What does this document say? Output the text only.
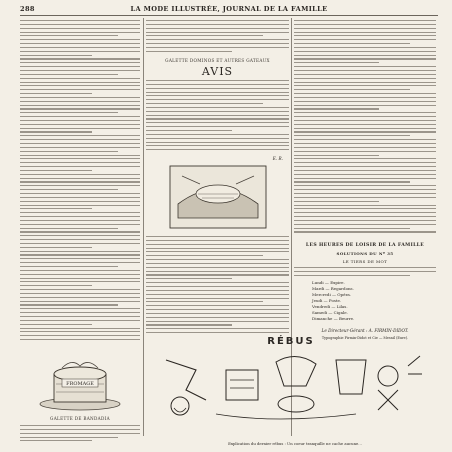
288	LA MODE ILLUSTRÉE, JOURNAL DE LA FAMILLE
FROMAGE
GALETTE DE BANDADIA
GALETTE DOMINOS ET AUTRES GATEAUX
AVIS
E. R.
LES HEURES DE LOISIR DE LA FAMILLE
SOLUTIONS DU Nº 35
LE TIERS DE MOT
Lundi — Expire.
Mardi — Regardons.
Mercredi — Opéra.
Jeudi — Poste.
Vendredi — Lilas.
Samedi — Cigale.
Dimanche — Beurre.
Le Directeur-Gérant : A. FIRMIN-DIDOT.
Typographie Firmin-Didot et Cie — Mesnil (Eure).
RÉBUS
Explication du dernier rébus : Un coeur tranquille ne cache aucune...
